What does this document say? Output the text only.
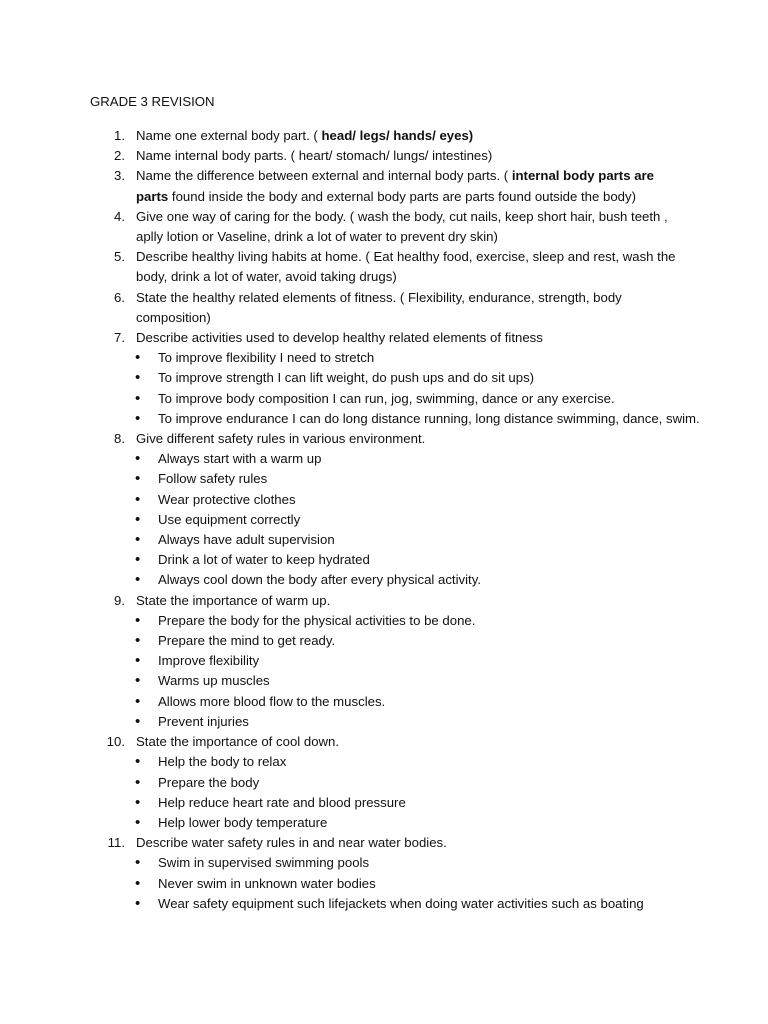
GRADE 3 REVISION
1. Name one external body part. ( head/ legs/ hands/ eyes)
2. Name internal body parts. ( heart/ stomach/ lungs/ intestines)
3. Name the difference between external and internal body parts. ( internal body parts are parts found inside the body and external body parts are parts found outside the body)
4. Give one way of caring for the body. ( wash the body, cut nails, keep short hair, bush teeth , aplly lotion or Vaseline, drink a lot of water to prevent dry skin)
5. Describe healthy living habits at home. ( Eat healthy food, exercise, sleep and rest, wash the body, drink a lot of water, avoid taking drugs)
6. State the healthy related elements of fitness. ( Flexibility, endurance, strength, body composition)
7. Describe activities used to develop healthy related elements of fitness
• To improve flexibility I need to stretch
• To improve strength I can lift weight, do push ups and do sit ups)
• To improve body composition I can run, jog, swimming, dance or any exercise.
• To improve endurance I can do long distance running, long distance swimming, dance, swim.
8. Give different safety rules in various environment.
• Always start with a warm up
• Follow safety rules
• Wear protective clothes
• Use equipment correctly
• Always have adult supervision
• Drink a lot of water to keep hydrated
• Always cool down the body after every physical activity.
9. State the importance of warm up.
• Prepare the body for the physical activities to be done.
• Prepare the mind to get ready.
• Improve flexibility
• Warms up muscles
• Allows more blood flow to the muscles.
• Prevent injuries
10. State the importance of cool down.
• Help the body to relax
• Prepare the body
• Help reduce heart rate and blood pressure
• Help lower body temperature
11. Describe water safety rules in and near water bodies.
• Swim in supervised swimming pools
• Never swim in unknown water bodies
• Wear safety equipment such lifejackets when doing water activities such as boating
